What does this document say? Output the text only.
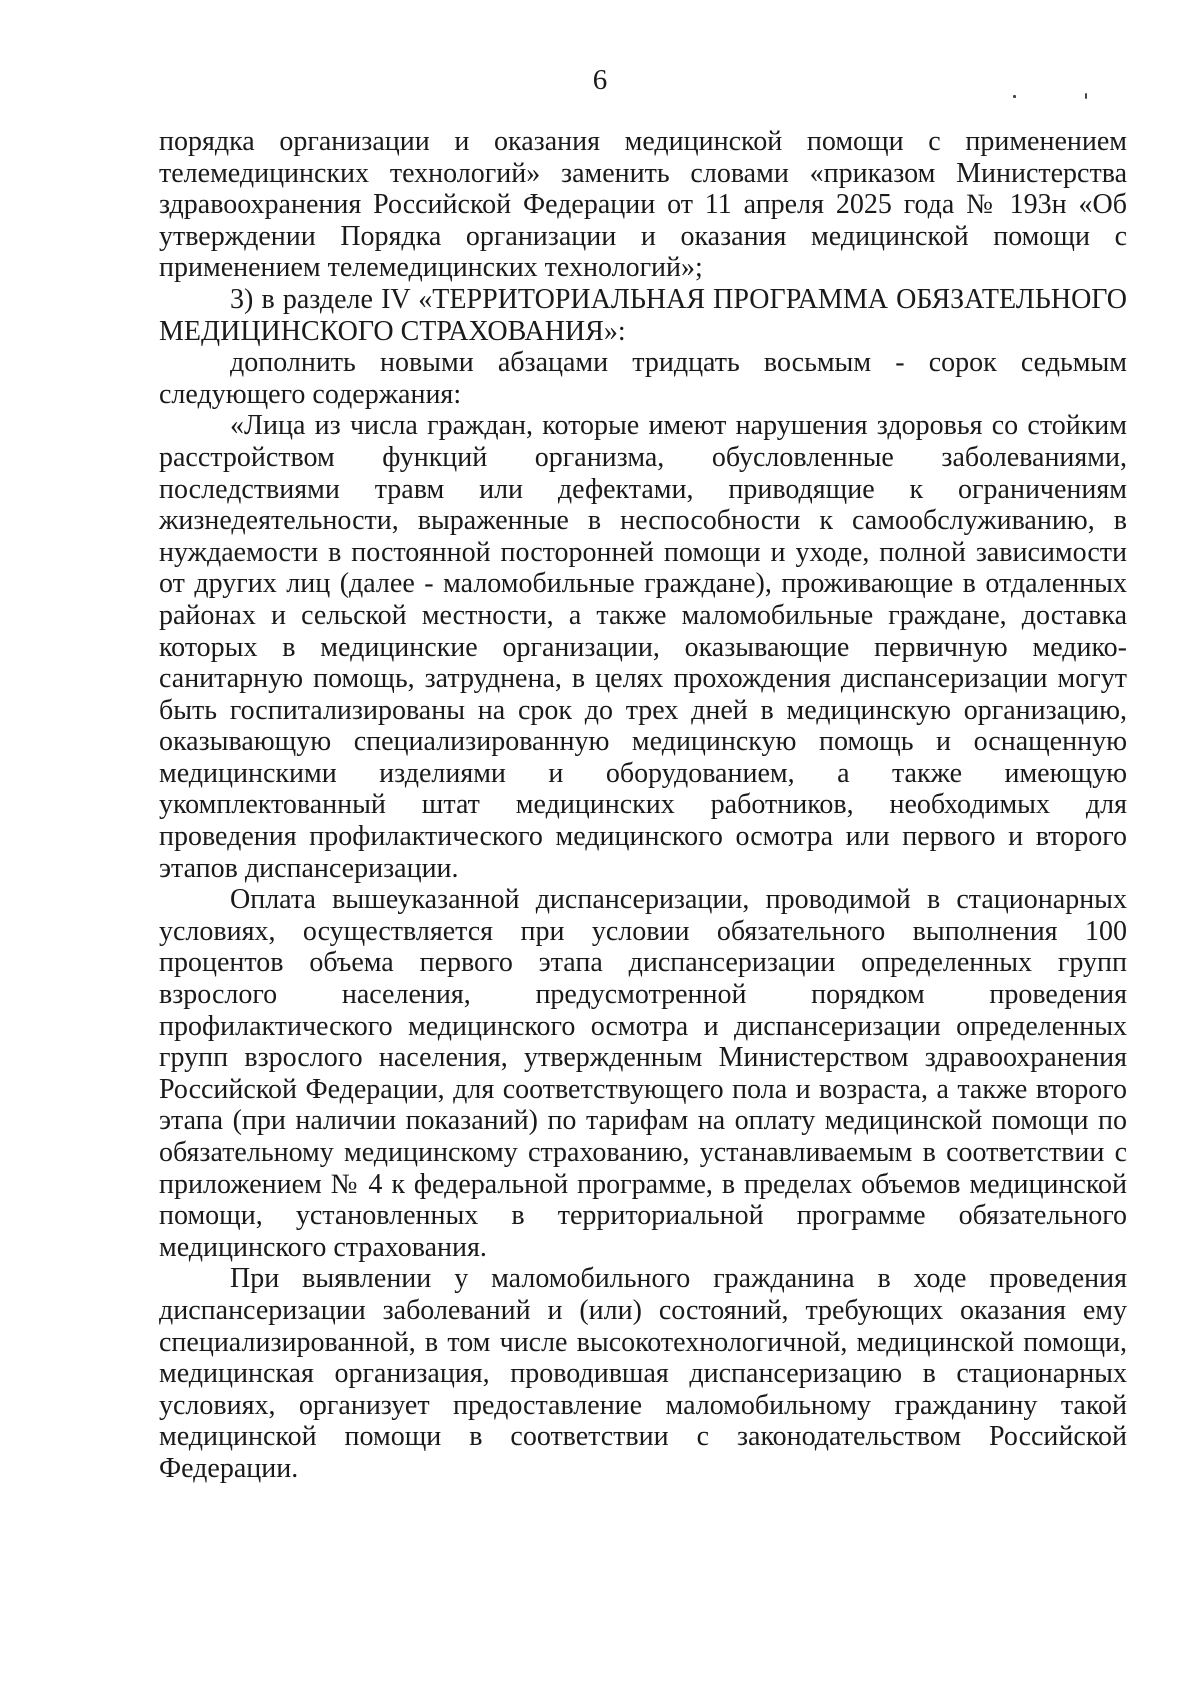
6

порядка организации и оказания медицинской помощи с применением телемедицинских технологий» заменить словами «приказом Министерства здравоохранения Российской Федерации от 11 апреля 2025 года № 193н «Об утверждении Порядка организации и оказания медицинской помощи с применением телемедицинских технологий»;

3) в разделе IV «ТЕРРИТОРИАЛЬНАЯ ПРОГРАММА ОБЯЗАТЕЛЬНОГО МЕДИЦИНСКОГО СТРАХОВАНИЯ»:

дополнить новыми абзацами тридцать восьмым - сорок седьмым следующего содержания:

«Лица из числа граждан, которые имеют нарушения здоровья со стойким расстройством функций организма, обусловленные заболеваниями, последствиями травм или дефектами, приводящие к ограничениям жизнедеятельности, выраженные в неспособности к самообслуживанию, в нуждаемости в постоянной посторонней помощи и уходе, полной зависимости от других лиц (далее - маломобильные граждане), проживающие в отдаленных районах и сельской местности, а также маломобильные граждане, доставка которых в медицинские организации, оказывающие первичную медико-санитарную помощь, затруднена, в целях прохождения диспансеризации могут быть госпитализированы на срок до трех дней в медицинскую организацию, оказывающую специализированную медицинскую помощь и оснащенную медицинскими изделиями и оборудованием, а также имеющую укомплектованный штат медицинских работников, необходимых для проведения профилактического медицинского осмотра или первого и второго этапов диспансеризации.

Оплата вышеуказанной диспансеризации, проводимой в стационарных условиях, осуществляется при условии обязательного выполнения 100 процентов объема первого этапа диспансеризации определенных групп взрослого населения, предусмотренной порядком проведения профилактического медицинского осмотра и диспансеризации определенных групп взрослого населения, утвержденным Министерством здравоохранения Российской Федерации, для соответствующего пола и возраста, а также второго этапа (при наличии показаний) по тарифам на оплату медицинской помощи по обязательному медицинскому страхованию, устанавливаемым в соответствии с приложением № 4 к федеральной программе, в пределах объемов медицинской помощи, установленных в территориальной программе обязательного медицинского страхования.

При выявлении у маломобильного гражданина в ходе проведения диспансеризации заболеваний и (или) состояний, требующих оказания ему специализированной, в том числе высокотехнологичной, медицинской помощи, медицинская организация, проводившая диспансеризацию в стационарных условиях, организует предоставление маломобильному гражданину такой медицинской помощи в соответствии с законодательством Российской Федерации.
